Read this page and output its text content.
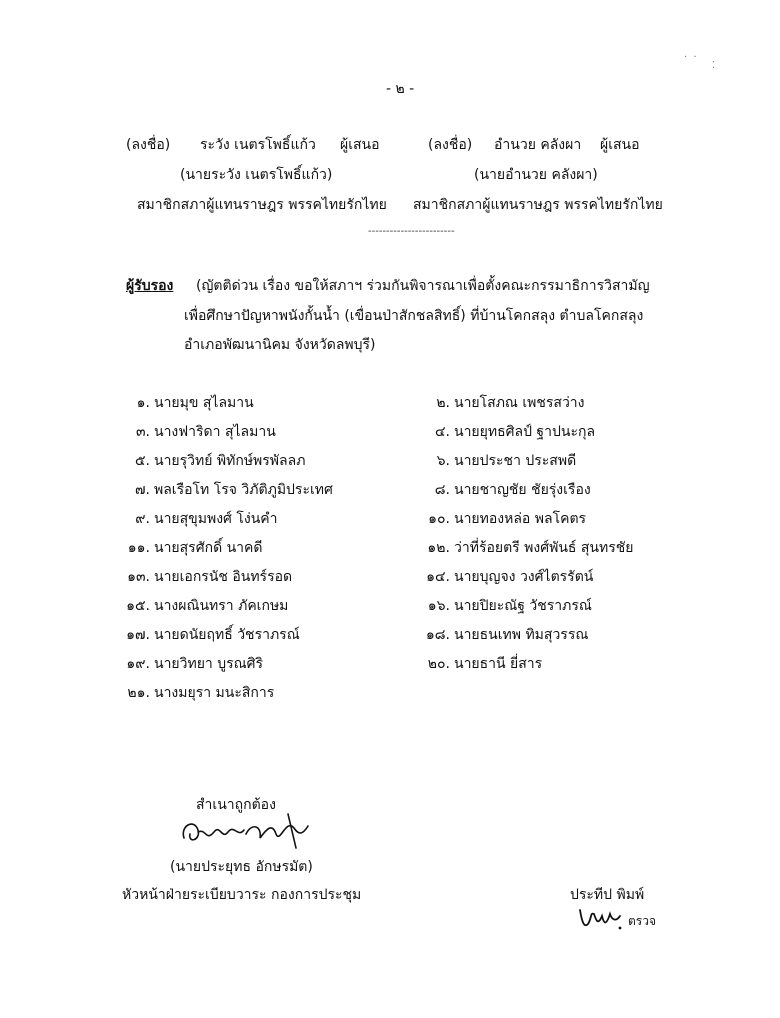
- ๒ -
·  ·
⁚
(ลงชื่อ) ระวัง เนตรโพธิ์แก้ว ผู้เสนอ
(นายระวัง เนตรโพธิ์แก้ว)
สมาชิกสภาผู้แทนราษฎร พรรคไทยรักไทย
(ลงชื่อ) อำนวย คลังผา ผู้เสนอ
(นายอำนวย คลังผา)
สมาชิกสภาผู้แทนราษฎร พรรคไทยรักไทย
------------------------
ผู้รับรอง (ญัตติด่วน เรื่อง ขอให้สภาฯ ร่วมกันพิจารณาเพื่อตั้งคณะกรรมาธิการวิสามัญ
เพื่อศึกษาปัญหาพนังกั้นน้ำ (เขื่อนป่าสักชลสิทธิ์) ที่บ้านโคกสลุง ตำบลโคกสลุง
อำเภอพัฒนานิคม จังหวัดลพบุรี)
๑. นายมุข สุไลมาน	๒. นายโสภณ เพชรสว่าง
๓. นางฟาริดา สุไลมาน	๔. นายยุทธศิลป์ ฐาปนะกุล
๕. นายรุวิทย์ พิทักษ์พรพัลลภ	๖. นายประชา ประสพดี
๗. พลเรือโท โรจ วิภัติภูมิประเทศ	๘. นายชาญชัย ชัยรุ่งเรือง
๙. นายสุขุมพงศ์ โง่นคำ	๑๐. นายทองหล่อ พลโคตร
๑๑. นายสุรศักดิ์ นาคดี	๑๒. ว่าที่ร้อยตรี พงศ์พันธ์ สุนทรชัย
๑๓. นายเอกรนัช อินทร์รอด	๑๔. นายบุญจง วงศ์ไตรรัตน์
๑๕. นางผณินทรา ภัคเกษม	๑๖. นายปิยะณัฐ วัชราภรณ์
๑๗. นายดนัยฤทธิ์ วัชราภรณ์	๑๘. นายธนเทพ ทิมสุวรรณ
๑๙. นายวิทยา บูรณศิริ	๒๐. นายธานี ยี่สาร
๒๑. นางมยุรา มนะสิการ
สำเนาถูกต้อง
(นายประยุทธ อักษรมัต)
หัวหน้าฝ่ายระเบียบวาระ กองการประชุม	ประทีป พิมพ์
ตรวจ
